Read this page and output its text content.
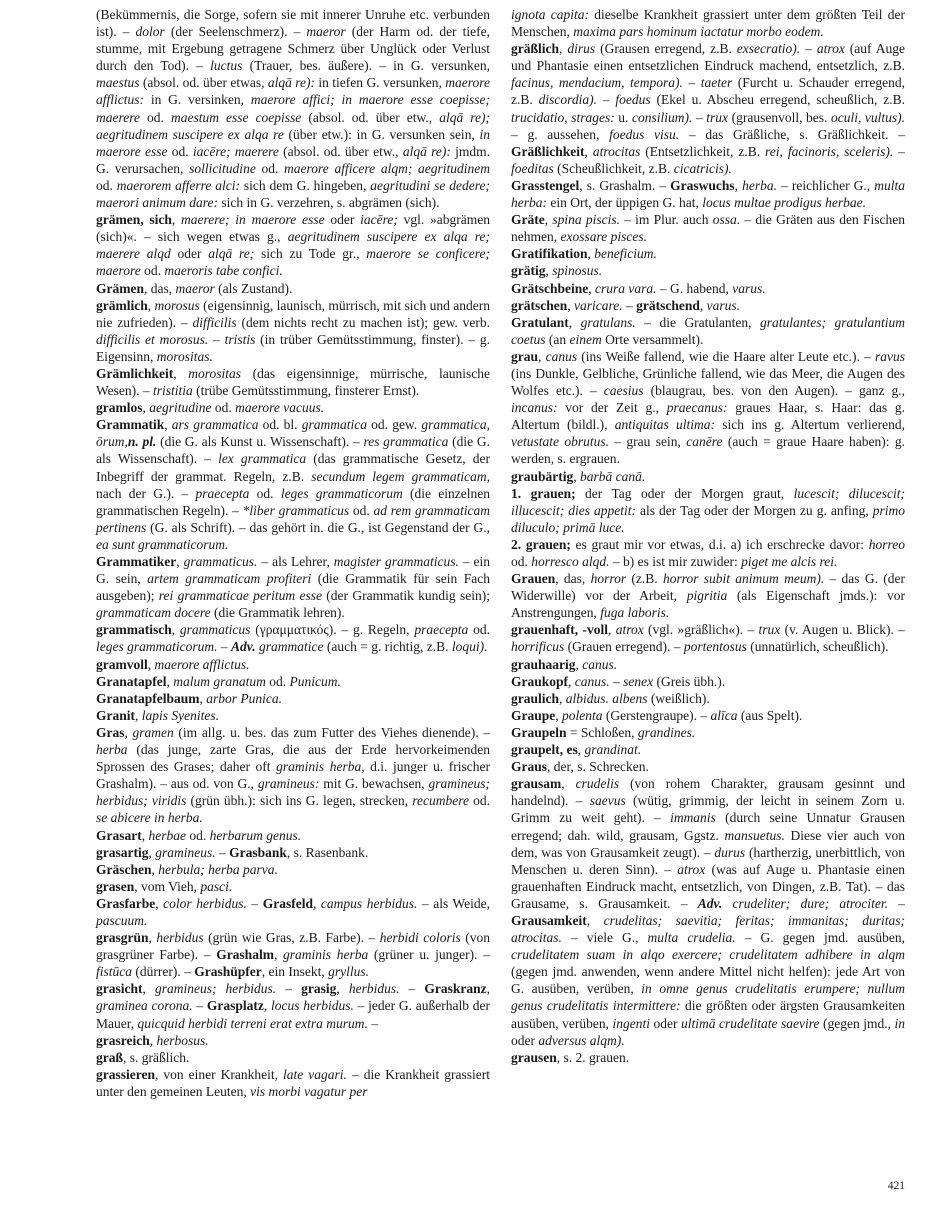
(Bekümmernis, die Sorge, sofern sie mit innerer Unruhe etc. verbunden ist). – dolor (der Seelenschmerz). – maeror (der Harm od. der tiefe, stumme, mit Ergebung getragene Schmerz über Unglück oder Verlust durch den Tod). – luctus (Trauer, bes. äußere). – in G. versunken, maestus (absol. od. über etwas, alqā re): in tiefen G. versunken, maerore afflictus: in G. versinken, maerore affici; in maerore esse coepisse; maerere od. maestum esse coepisse (absol. od. über etw., alqā re); aegritudinem suscipere ex alqa re (über etw.): in G. versunken sein, in maerore esse od. iacēre; maerere (absol. od. über etw., alqā re): jmdm. G. verursachen, sollicitudine od. maerore afficere alqm; aegritudinem od. maerorem afferre alci: sich dem G. hingeben, aegritudini se dedere; maerori animum dare: sich in G. verzehren, s. abgrämen (sich).

grämen, sich, maerere; in maerore esse oder iacēre; vgl. »abgrämen (sich)«. – sich wegen etwas g., aegritudinem suscipere ex alqa re; maerere alqd oder alqā re; sich zu Tode gr., maerore se conficere; maerore od. maeroris tabe confici.

Grämen, das, maeror (als Zustand).

grämlich, morosus (eigensinnig, launisch, mürrisch, mit sich und andern nie zufrieden). – difficilis (dem nichts recht zu machen ist); gew. verb. difficilis et morosus. – tristis (in trüber Gemütsstimmung, finster). – g. Eigensinn, morositas.

Grämlichkeit, morositas (das eigensinnige, mürrische, launische Wesen). – tristitia (trübe Gemütsstimmung, finsterer Ernst).

gramlos, aegritudine od. maerore vacuus.

Grammatik, ars grammatica od. bl. grammatica od. gew. grammatica, ōrum,n. pl. (die G. als Kunst u. Wissenschaft). – res grammatica (die G. als Wissenschaft). – lex grammatica (das grammatische Gesetz, der Inbegriff der grammat. Regeln, z.B. secundum legem grammaticam, nach der G.). – praecepta od. leges grammaticorum (die einzelnen grammatischen Regeln). – *liber grammaticus od. ad rem grammaticam pertinens (G. als Schrift). – das gehört in. die G., ist Gegenstand der G., ea sunt grammaticorum.

Grammatiker, grammaticus. – als Lehrer, magister grammaticus. – ein G. sein, artem grammaticam profiteri (die Grammatik für sein Fach ausgeben); rei grammaticae peritum esse (der Grammatik kundig sein); grammaticam docere (die Grammatik lehren).

grammatisch, grammaticus (γραμματικός). – g. Regeln, praecepta od. leges grammaticorum. – Adv. grammatice (auch = g. richtig, z.B. loqui).

gramvoll, maerore afflictus.

Granatapfel, malum granatum od. Punicum.

Granatapfelbaum, arbor Punica.

Granit, lapis Syenites.

Gras, gramen (im allg. u. bes. das zum Futter des Viehes dienende). – herba (das junge, zarte Gras, die aus der Erde hervorkeimenden Sprossen des Grases; daher oft graminis herba, d.i. junger u. frischer Grashalm). – aus od. von G., gramineus: mit G. bewachsen, gramineus; herbidus; viridis (grün übh.): sich ins G. legen, strecken, recumbere od. se abicere in herba.

Grasart, herbae od. herbarum genus.

grasartig, gramineus. – Grasbank, s. Rasenbank.

Gräschen, herbula; herba parva.

grasen, vom Vieh, pasci.

Grasfarbe, color herbidus. – Grasfeld, campus herbidus. – als Weide, pascuum.

grasgrün, herbidus (grün wie Gras, z.B. Farbe). – herbidi coloris (von grasgrüner Farbe). – Grashalm, graminis herba (grüner u. junger). – fistūca (dürrer). – Grashüpfer, ein Insekt, gryllus.

grasicht, gramineus; herbidus. – grasig, herbidus. – Graskranz, graminea corona. – Grasplatz, locus herbidus. – jeder G. außerhalb der Mauer, quicquid herbidi terreni erat extra murum. –

grasreich, herbosus.

graß, s. gräßlich.

grassieren, von einer Krankheit, late vagari. – die Krankheit grassiert unter den gemeinen Leuten, vis morbi vagatur per

ignota capita: dieselbe Krankheit grassiert unter dem größten Teil der Menschen, maxima pars hominum iactatur morbo eodem.

gräßlich, dirus (Grausen erregend, z.B. exsecratio). – atrox (auf Auge und Phantasie einen entsetzlichen Eindruck machend, entsetzlich, z.B. facinus, mendacium, tempora). – taeter (Furcht u. Schauder erregend, z.B. discordia). – foedus (Ekel u. Abscheu erregend, scheußlich, z.B. trucidatio, strages: u. consilium). – trux (grausenvoll, bes. oculi, vultus). – g. aussehen, foedus visu. – das Gräßliche, s. Gräßlichkeit. – Gräßlichkeit, atrocitas (Entsetzlichkeit, z.B. rei, facinoris, sceleris). – foeditas (Scheußlichkeit, z.B. cicatricis).

Grasstengel, s. Grashalm. – Graswuchs, herba. – reichlicher G., multa herba: ein Ort, der üppigen G. hat, locus multae prodigus herbae.

Gräte, spina piscis. – im Plur. auch ossa. – die Gräten aus den Fischen nehmen, exossare pisces.

Gratifikation, beneficium.

grätig, spinosus.

Grätschbeine, crura vara. – G. habend, varus.

grätschen, varicare. – grätschend, varus.

Gratulant, gratulans. – die Gratulanten, gratulantes; gratulantium coetus (an einem Orte versammelt).

grau, canus (ins Weiße fallend, wie die Haare alter Leute etc.). – ravus (ins Dunkle, Gelbliche, Grünliche fallend, wie das Meer, die Augen des Wolfes etc.). – caesius (blaugrau, bes. von den Augen). – ganz g., incanus: vor der Zeit g., praecanus: graues Haar, s. Haar: das g. Altertum (bildl.), antiquitas ultima: sich ins g. Altertum verlierend, vetustate obrutus. – grau sein, canēre (auch = graue Haare haben): g. werden, s. ergrauen.

graubärtig, barbā canā.

1. grauen; der Tag oder der Morgen graut, lucescit; dilucescit; illucescit; dies appetit: als der Tag oder der Morgen zu g. anfing, primo diluculo; primā luce.

2. grauen; es graut mir vor etwas, d.i. a) ich erschrecke davor: horreo od. horresco alqd. – b) es ist mir zuwider: piget me alcis rei.

Grauen, das, horror (z.B. horror subit animum meum). – das G. (der Widerwille) vor der Arbeit, pigritia (als Eigenschaft jmds.): vor Anstrengungen, fuga laboris.

grauenhaft, -voll, atrox (vgl. »gräßlich«). – trux (v. Augen u. Blick). – horrificus (Grauen erregend). – portentosus (unnatürlich, scheußlich).

grauhaarig, canus.

Graukopf, canus. – senex (Greis übh.).

graulich, albidus. albens (weißlich).

Graupe, polenta (Gerstengraupe). – alīca (aus Spelt).

Graupeln = Schloßen, grandines.

graupelt, es, grandinat.

Graus, der, s. Schrecken.

grausam, crudelis (von rohem Charakter, grausam gesinnt und handelnd). – saevus (wütig, grimmig, der leicht in seinem Zorn u. Grimm zu weit geht). – immanis (durch seine Unnatur Grausen erregend; dah. wild, grausam, Ggstz. mansuetus. Diese vier auch von dem, was von Grausamkeit zeugt). – durus (hartherzig, unerbittlich, von Menschen u. deren Sinn). – atrox (was auf Auge u. Phantasie einen grauenhaften Eindruck macht, entsetzlich, von Dingen, z.B. Tat). – das Grausame, s. Grausamkeit. – Adv. crudeliter; dure; atrociter. – Grausamkeit, crudelitas; saevitia; feritas; immanitas; duritas; atrocitas. – viele G., multa crudelia. – G. gegen jmd. ausüben, crudelitatem suam in alqo exercere; crudelitatem adhibere in alqm (gegen jmd. anwenden, wenn andere Mittel nicht helfen): jede Art von G. ausüben, verüben, in omne genus crudelitatis erumpere; nullum genus crudelitatis intermittere: die größten oder ärgsten Grausamkeiten ausüben, verüben, ingenti oder ultimā crudelitate saevire (gegen jmd., in oder adversus alqm).

grausen, s. 2. grauen.

421
